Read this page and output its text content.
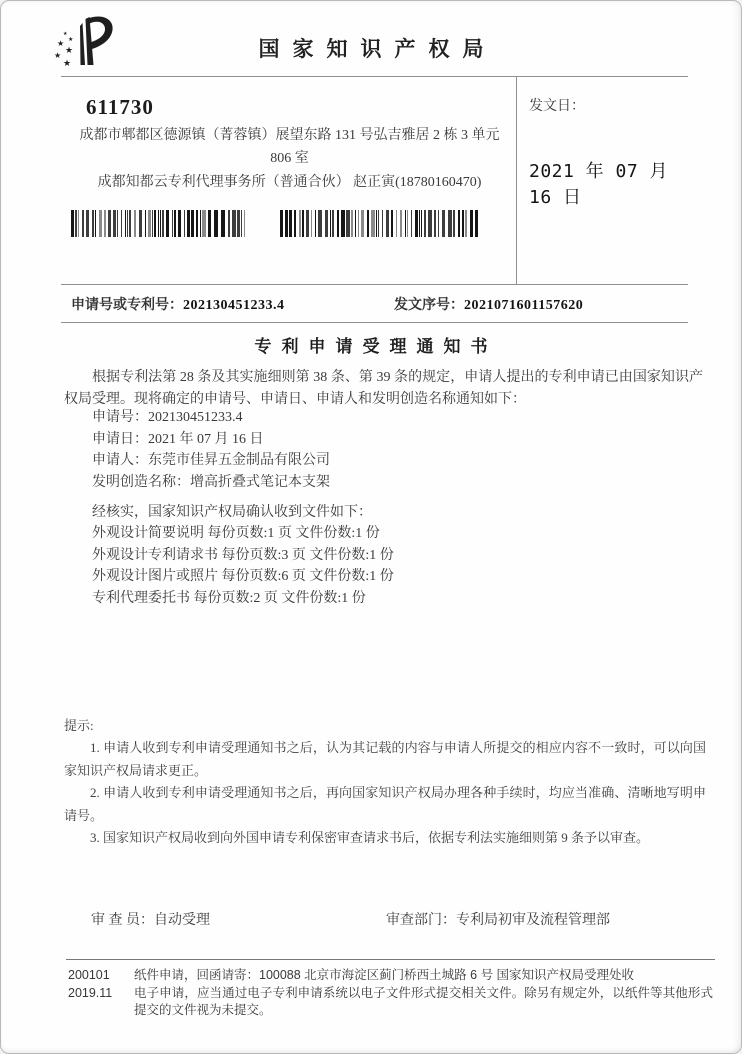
★
★
★
★
★
★
国家知识产权局
611730
成都市郫都区德源镇（菁蓉镇）展望东路 131 号弘吉雅居 2 栋 3 单元
806 室
成都知都云专利代理事务所（普通合伙） 赵正寅(18780160470)
发文日：
2021 年 07 月 16 日
申请号或专利号：202130451233.4	发文序号：2021071601157620
专利申请受理通知书
根据专利法第 28 条及其实施细则第 38 条、第 39 条的规定，申请人提出的专利申请已由国家知识产权局受理。现将确定的申请号、申请日、申请人和发明创造名称通知如下：
申请号：202130451233.4
申请日：2021 年 07 月 16 日
申请人：东莞市佳昇五金制品有限公司
发明创造名称：增高折叠式笔记本支架
经核实，国家知识产权局确认收到文件如下：
外观设计简要说明 每份页数:1 页 文件份数:1 份
外观设计专利请求书 每份页数:3 页 文件份数:1 份
外观设计图片或照片 每份页数:6 页 文件份数:1 份
专利代理委托书 每份页数:2 页 文件份数:1 份
提示:
1. 申请人收到专利申请受理通知书之后，认为其记载的内容与申请人所提交的相应内容不一致时，可以向国家知识产权局请求更正。
2. 申请人收到专利申请受理通知书之后，再向国家知识产权局办理各种手续时，均应当准确、清晰地写明申请号。
3. 国家知识产权局收到向外国申请专利保密审查请求书后，依据专利法实施细则第 9 条予以审查。
审 查 员：自动受理	审查部门：专利局初审及流程管理部
200101
2019.11
纸件申请，回函请寄：100088 北京市海淀区蓟门桥西土城路 6 号 国家知识产权局受理处收
电子申请，应当通过电子专利申请系统以电子文件形式提交相关文件。除另有规定外，以纸件等其他形式提交的文件视为未提交。
